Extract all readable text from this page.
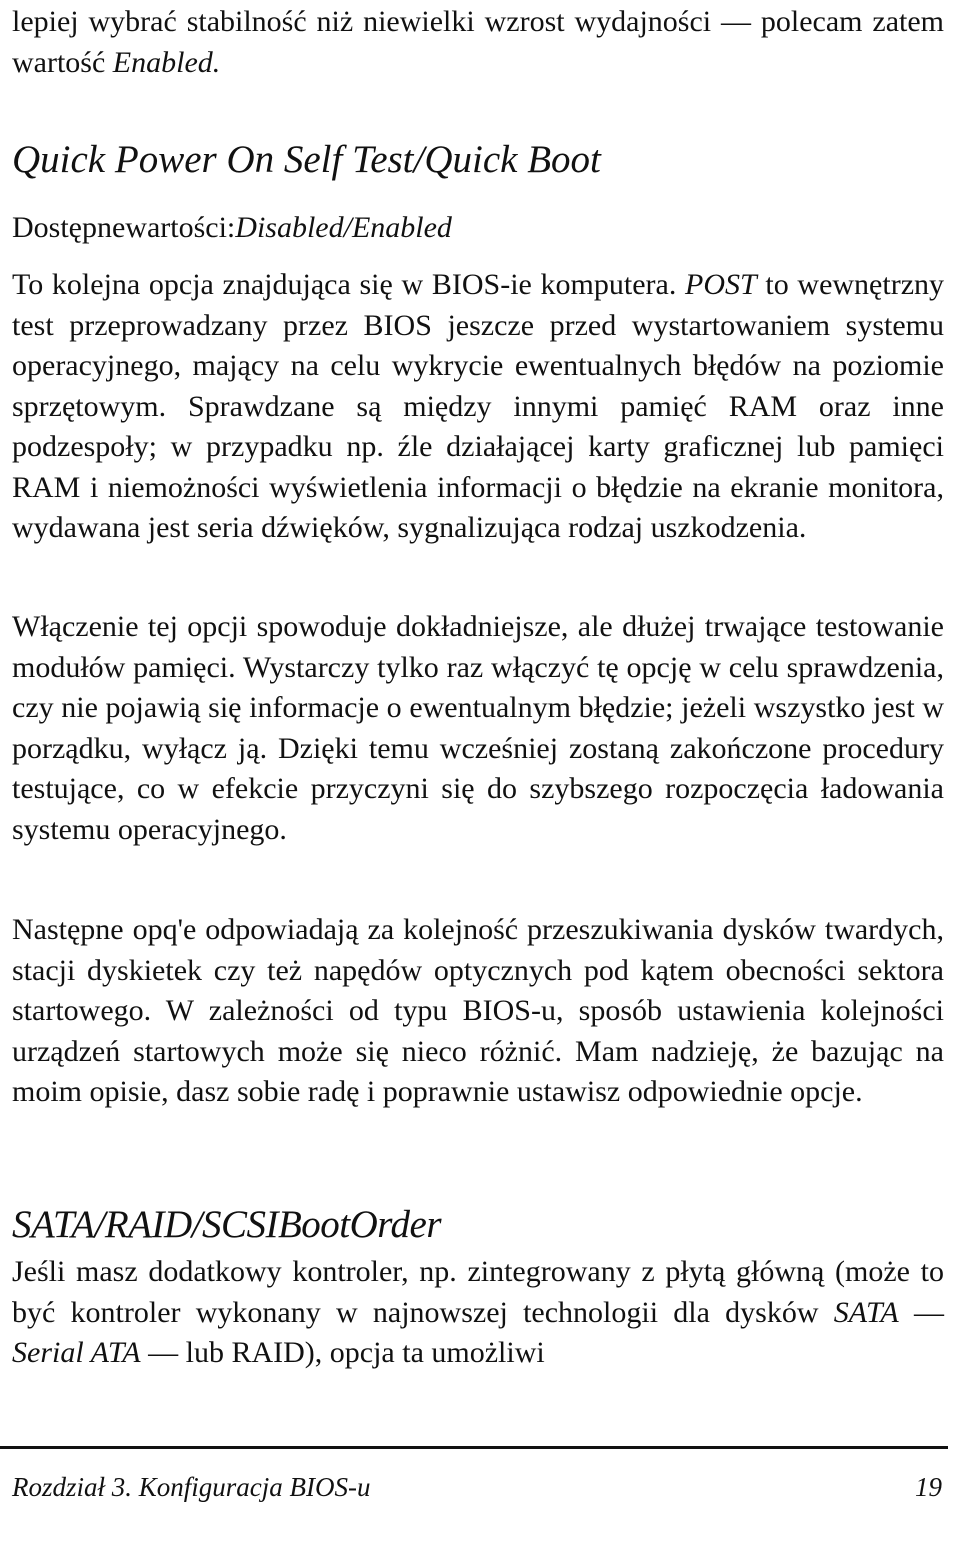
lepiej wybrać stabilność niż niewielki wzrost wydajności — polecam zatem wartość Enabled.

Quick Power On Self Test/Quick Boot

Dostępnewartości:Disabled/Enabled

To kolejna opcja znajdująca się w BIOS-ie komputera. POST to wewnętrzny test przeprowadzany przez BIOS jeszcze przed wystartowaniem systemu operacyjnego, mający na celu wykrycie ewentualnych błędów na poziomie sprzętowym. Sprawdzane są między innymi pamięć RAM oraz inne podzespoły; w przypadku np. źle działającej karty graficznej lub pamięci RAM i niemożności wyświetlenia informacji o błędzie na ekranie monitora, wydawana jest seria dźwięków, sygnalizująca rodzaj uszkodzenia.

Włączenie tej opcji spowoduje dokładniejsze, ale dłużej trwające testowanie modułów pamięci. Wystarczy tylko raz włączyć tę opcję w celu sprawdzenia, czy nie pojawią się informacje o ewentualnym błędzie; jeżeli wszystko jest w porządku, wyłącz ją. Dzięki temu wcześniej zostaną zakończone procedury testujące, co w efekcie przyczyni się do szybszego rozpoczęcia ładowania systemu operacyjnego.

Następne opq'e odpowiadają za kolejność przeszukiwania dysków twardych, stacji dyskietek czy też napędów optycznych pod kątem obecności sektora startowego. W zależności od typu BIOS-u, sposób ustawienia kolejności urządzeń startowych może się nieco różnić. Mam nadzieję, że bazując na moim opisie, dasz sobie radę i poprawnie ustawisz odpowiednie opcje.

SATA/RAID/SCSIBootOrder

Jeśli masz dodatkowy kontroler, np. zintegrowany z płytą główną (może to być kontroler wykonany w najnowszej technologii dla dysków SATA — Serial ATA — lub RAID), opcja ta umożliwi

Rozdział 3. Konfiguracja BIOS-u	19
